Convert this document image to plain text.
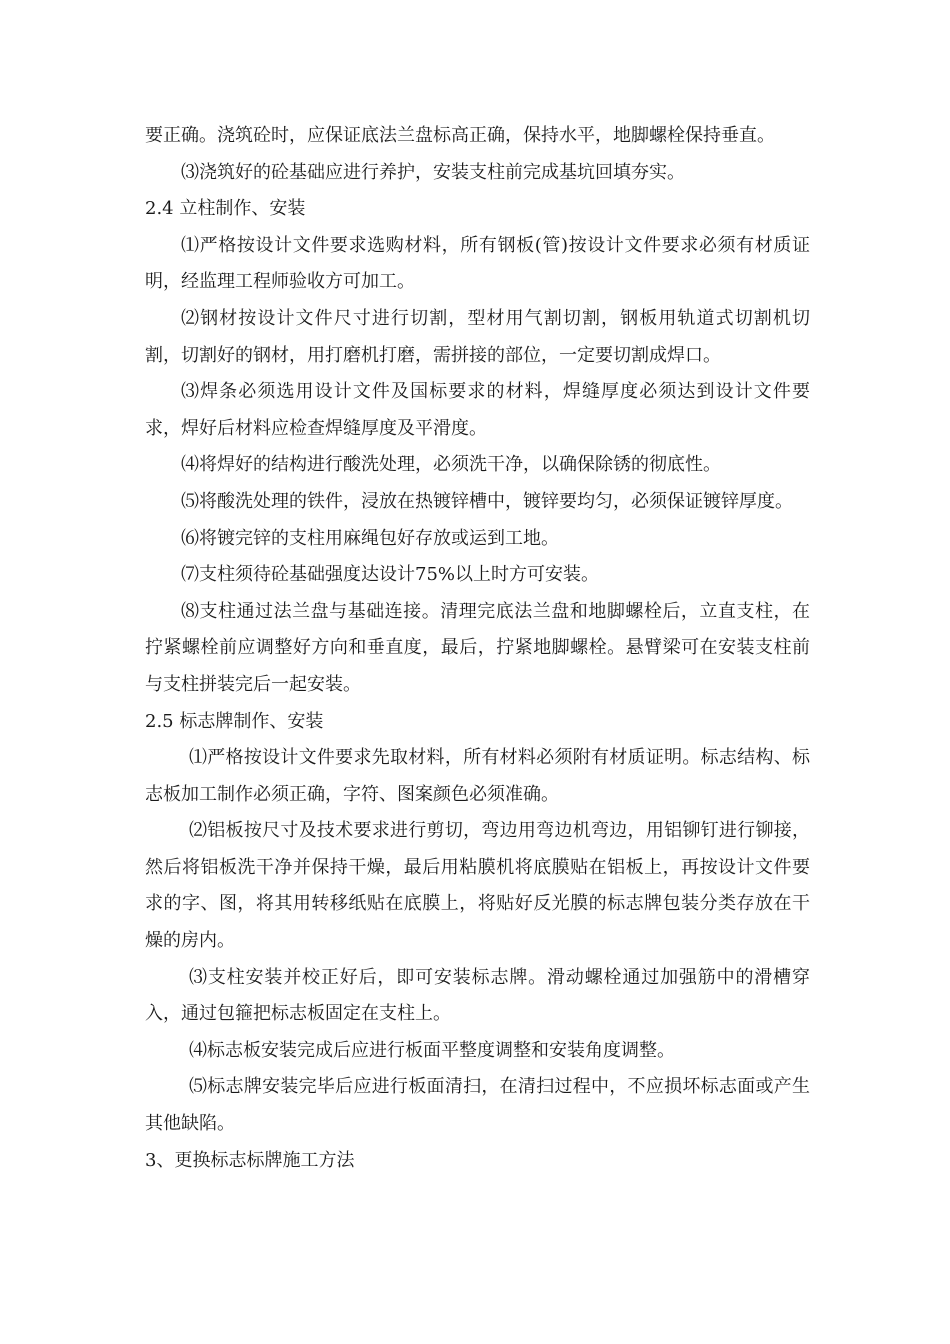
要正确。浇筑砼时，应保证底法兰盘标高正确，保持水平，地脚螺栓保持垂直。

⑶浇筑好的砼基础应进行养护，安装支柱前完成基坑回填夯实。

2.4 立柱制作、安装

⑴严格按设计文件要求选购材料，所有钢板(管)按设计文件要求必须有材质证明，经监理工程师验收方可加工。

⑵钢材按设计文件尺寸进行切割，型材用气割切割，钢板用轨道式切割机切割，切割好的钢材，用打磨机打磨，需拼接的部位，一定要切割成焊口。

⑶焊条必须选用设计文件及国标要求的材料，焊缝厚度必须达到设计文件要求，焊好后材料应检查焊缝厚度及平滑度。

⑷将焊好的结构进行酸洗处理，必须洗干净，以确保除锈的彻底性。

⑸将酸洗处理的铁件，浸放在热镀锌槽中，镀锌要均匀，必须保证镀锌厚度。

⑹将镀完锌的支柱用麻绳包好存放或运到工地。

⑺支柱须待砼基础强度达设计75%以上时方可安装。

⑻支柱通过法兰盘与基础连接。清理完底法兰盘和地脚螺栓后，立直支柱，在拧紧螺栓前应调整好方向和垂直度，最后，拧紧地脚螺栓。悬臂梁可在安装支柱前与支柱拼装完后一起安装。

2.5 标志牌制作、安装

⑴严格按设计文件要求先取材料，所有材料必须附有材质证明。标志结构、标志板加工制作必须正确，字符、图案颜色必须准确。

⑵铝板按尺寸及技术要求进行剪切，弯边用弯边机弯边，用铝铆钉进行铆接，然后将铝板洗干净并保持干燥，最后用粘膜机将底膜贴在铝板上，再按设计文件要求的字、图，将其用转移纸贴在底膜上，将贴好反光膜的标志牌包装分类存放在干燥的房内。

⑶支柱安装并校正好后，即可安装标志牌。滑动螺栓通过加强筋中的滑槽穿入，通过包箍把标志板固定在支柱上。

⑷标志板安装完成后应进行板面平整度调整和安装角度调整。

⑸标志牌安装完毕后应进行板面清扫，在清扫过程中，不应损坏标志面或产生其他缺陷。

3、更换标志标牌施工方法
